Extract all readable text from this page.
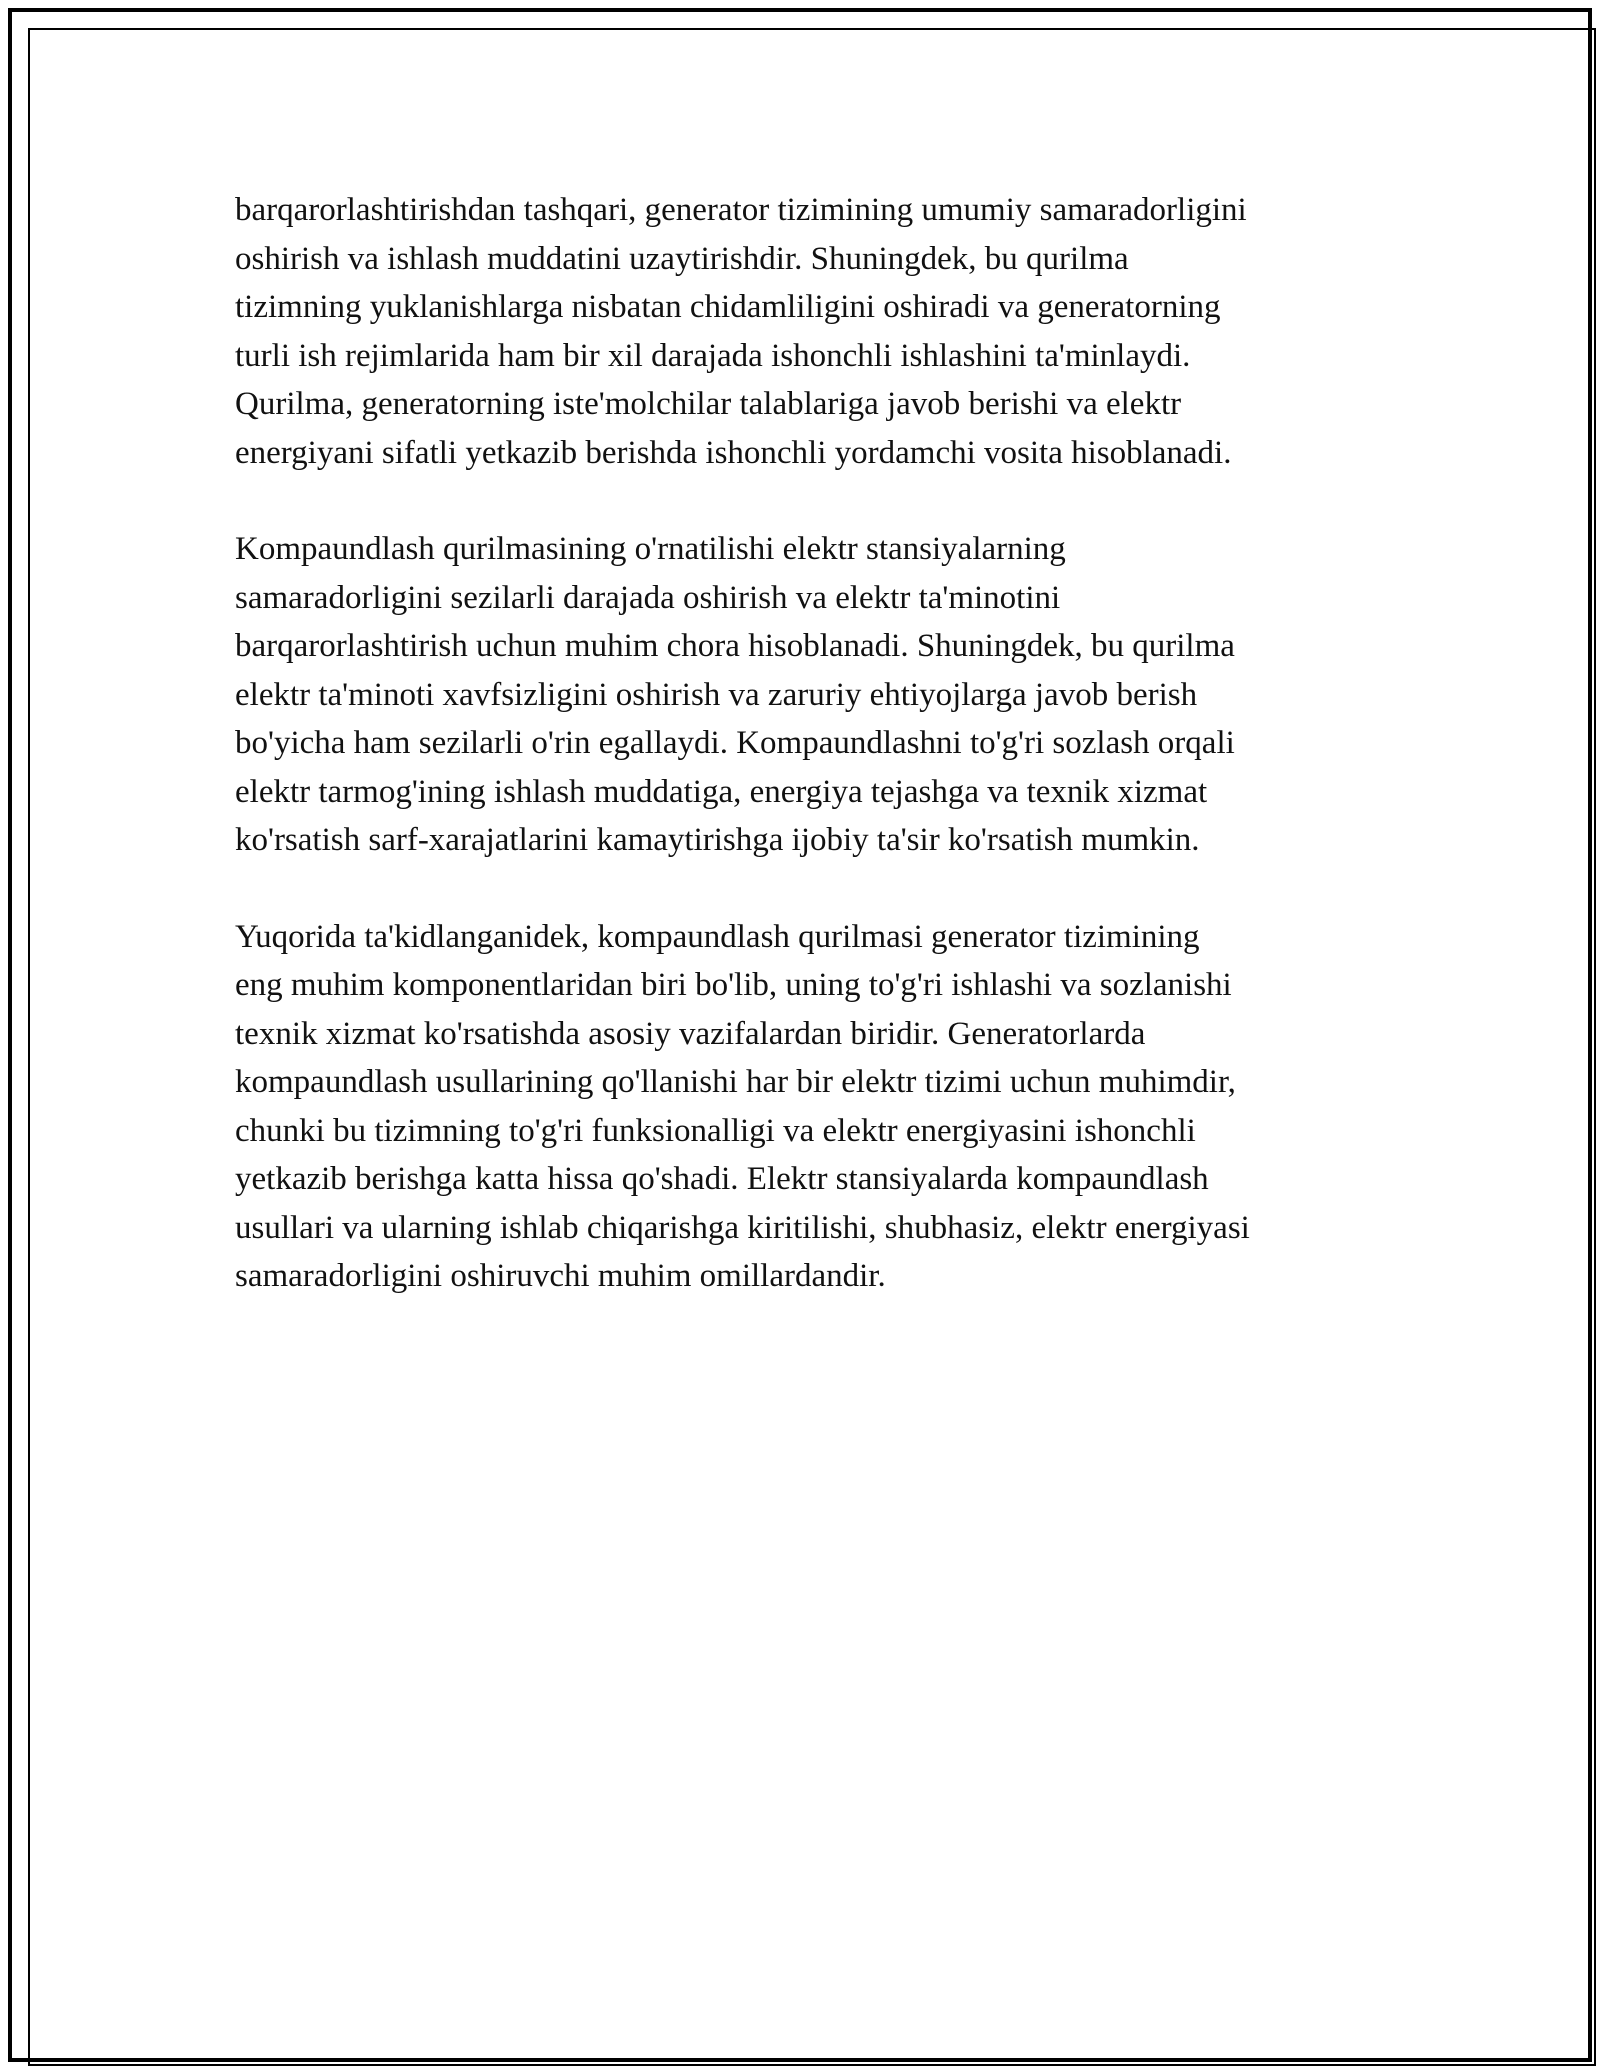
barqarorlashtirishdan tashqari, generator tizimining umumiy samaradorligini
oshirish va ishlash muddatini uzaytirishdir. Shuningdek, bu qurilma
tizimning yuklanishlarga nisbatan chidamliligini oshiradi va generatorning
turli ish rejimlarida ham bir xil darajada ishonchli ishlashini ta'minlaydi.
Qurilma, generatorning iste'molchilar talablariga javob berishi va elektr
energiyani sifatli yetkazib berishda ishonchli yordamchi vosita hisoblanadi.

Kompaundlash qurilmasining o'rnatilishi elektr stansiyalarning
samaradorligini sezilarli darajada oshirish va elektr ta'minotini
barqarorlashtirish uchun muhim chora hisoblanadi. Shuningdek, bu qurilma
elektr ta'minoti xavfsizligini oshirish va zaruriy ehtiyojlarga javob berish
bo'yicha ham sezilarli o'rin egallaydi. Kompaundlashni to'g'ri sozlash orqali
elektr tarmog'ining ishlash muddatiga, energiya tejashga va texnik xizmat
ko'rsatish sarf-xarajatlarini kamaytirishga ijobiy ta'sir ko'rsatish mumkin.

Yuqorida ta'kidlanganidek, kompaundlash qurilmasi generator tizimining
eng muhim komponentlaridan biri bo'lib, uning to'g'ri ishlashi va sozlanishi
texnik xizmat ko'rsatishda asosiy vazifalardan biridir. Generatorlarda
kompaundlash usullarining qo'llanishi har bir elektr tizimi uchun muhimdir,
chunki bu tizimning to'g'ri funksionalligi va elektr energiyasini ishonchli
yetkazib berishga katta hissa qo'shadi. Elektr stansiyalarda kompaundlash
usullari va ularning ishlab chiqarishga kiritilishi, shubhasiz, elektr energiyasi
samaradorligini oshiruvchi muhim omillardandir.
